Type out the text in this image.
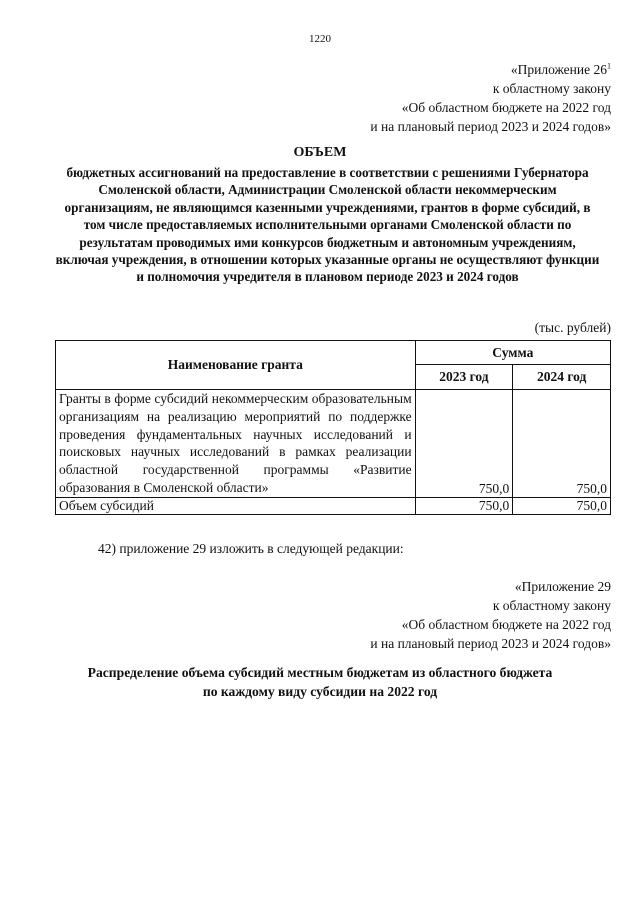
1220
«Приложение $26^1$
к областному закону
«Об областном бюджете на 2022 год
и на плановый период 2023 и 2024 годов»
ОБЪЕМ
бюджетных ассигнований на предоставление в соответствии с решениями Губернатора Смоленской области, Администрации Смоленской области некоммерческим организациям, не являющимся казенными учреждениями, грантов в форме субсидий, в том числе предоставляемых исполнительными органами Смоленской области по результатам проводимых ими конкурсов бюджетным и автономным учреждениям, включая учреждения, в отношении которых указанные органы не осуществляют функции и полномочия учредителя в плановом периоде 2023 и 2024 годов
(тыс. рублей)
Наименование гранта	Сумма	
	2023 год	2024 год
Гранты в форме субсидий некоммерческим образовательным организациям на реализацию мероприятий по поддержке проведения фундаментальных научных исследований и поисковых научных исследований в рамках реализации областной государственной программы «Развитие образования в Смоленской области»	750,0	750,0
Объем субсидий	750,0	750,0
42) приложение 29 изложить в следующей редакции:
«Приложение 29
к областному закону
«Об областном бюджете на 2022 год
и на плановый период 2023 и 2024 годов»
Распределение объема субсидий местным бюджетам из областного бюджета
по каждому виду субсидии на 2022 год
